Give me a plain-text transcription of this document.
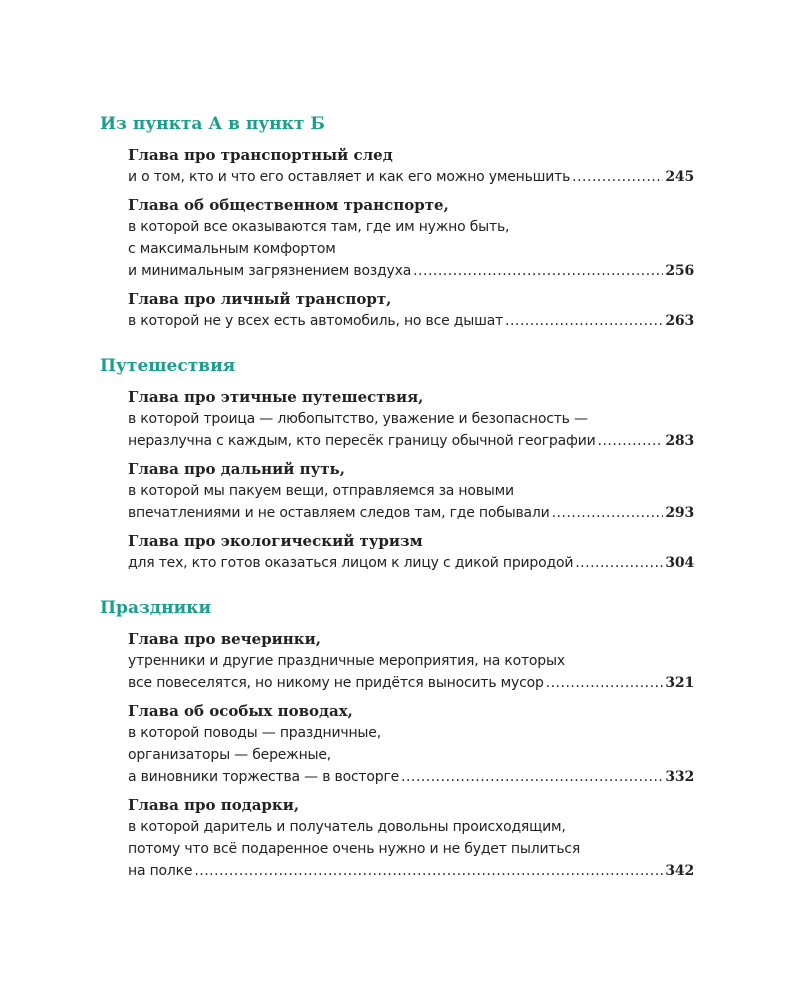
Из пункта А в пункт Б
Глава про транспортный след
и о том, кто и что его оставляет и как его можно уменьшить .....	245
Глава об общественном транспорте,
в которой все оказываются там, где им нужно быть,
с максимальным комфортом
и минимальным загрязнением воздуха .....	256
Глава про личный транспорт,
в которой не у всех есть автомобиль, но все дышат .....	263
Путешествия
Глава про этичные путешествия,
в которой троица — любопытство, уважение и безопасность —
неразлучна с каждым, кто пересёк границу обычной географии .....	283
Глава про дальний путь,
в которой мы пакуем вещи, отправляемся за новыми
впечатлениями и не оставляем следов там, где побывали .....	293
Глава про экологический туризм
для тех, кто готов оказаться лицом к лицу с дикой природой .....	304
Праздники
Глава про вечеринки,
утренники и другие праздничные мероприятия, на которых
все повеселятся, но никому не придётся выносить мусор .....	321
Глава об особых поводах,
в которой поводы — праздничные,
организаторы — бережные,
а виновники торжества — в восторге .....	332
Глава про подарки,
в которой даритель и получатель довольны происходящим,
потому что всё подаренное очень нужно и не будет пылиться
на полке .....	342
